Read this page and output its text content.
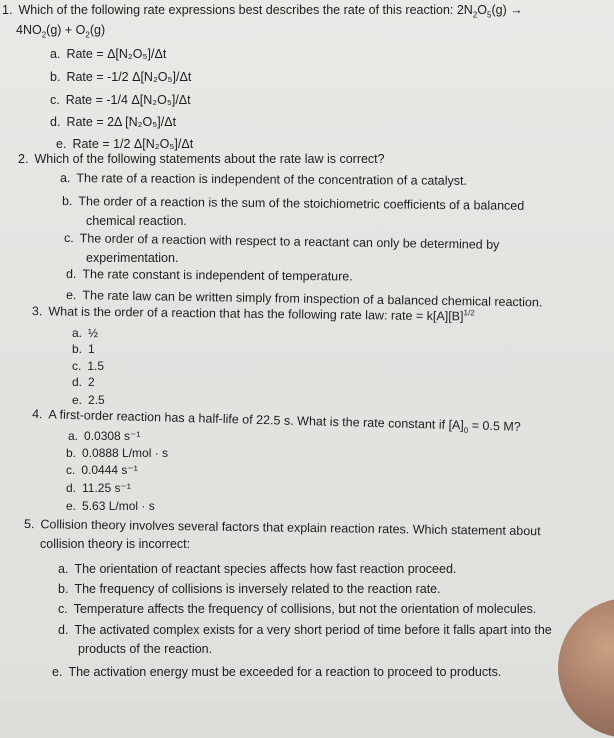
1. Which of the following rate expressions best describes the rate of this reaction: $2N_2O_5(g)$ →
$4NO_2(g) + O_2(g)$
a. Rate = Δ[N₂O₅]/Δt
b. Rate = -1/2 Δ[N₂O₅]/Δt
c. Rate = -1/4 Δ[N₂O₅]/Δt
d. Rate = 2Δ [N₂O₅]/Δt
e. Rate = 1/2 Δ[N₂O₅]/Δt
2. Which of the following statements about the rate law is correct?
a. The rate of a reaction is independent of the concentration of a catalyst.
b. The order of a reaction is the sum of the stoichiometric coefficients of a balanced
chemical reaction.
c. The order of a reaction with respect to a reactant can only be determined by
experimentation.
d. The rate constant is independent of temperature.
e. The rate law can be written simply from inspection of a balanced chemical reaction.
3. What is the order of a reaction that has the following rate law: rate = $k[A][B]^{1/2}$
a. ½
b. 1
c. 1.5
d. 2
e. 2.5
4. A first-order reaction has a half-life of 22.5 s. What is the rate constant if $[A]_0 = 0.5$ M?
a. 0.0308 s⁻¹
b. 0.0888 L/mol · s
c. 0.0444 s⁻¹
d. 11.25 s⁻¹
e. 5.63 L/mol · s
5. Collision theory involves several factors that explain reaction rates. Which statement about
collision theory is incorrect:
a. The orientation of reactant species affects how fast reaction proceed.
b. The frequency of collisions is inversely related to the reaction rate.
c. Temperature affects the frequency of collisions, but not the orientation of molecules.
d. The activated complex exists for a very short period of time before it falls apart into the
products of the reaction.
e. The activation energy must be exceeded for a reaction to proceed to products.
